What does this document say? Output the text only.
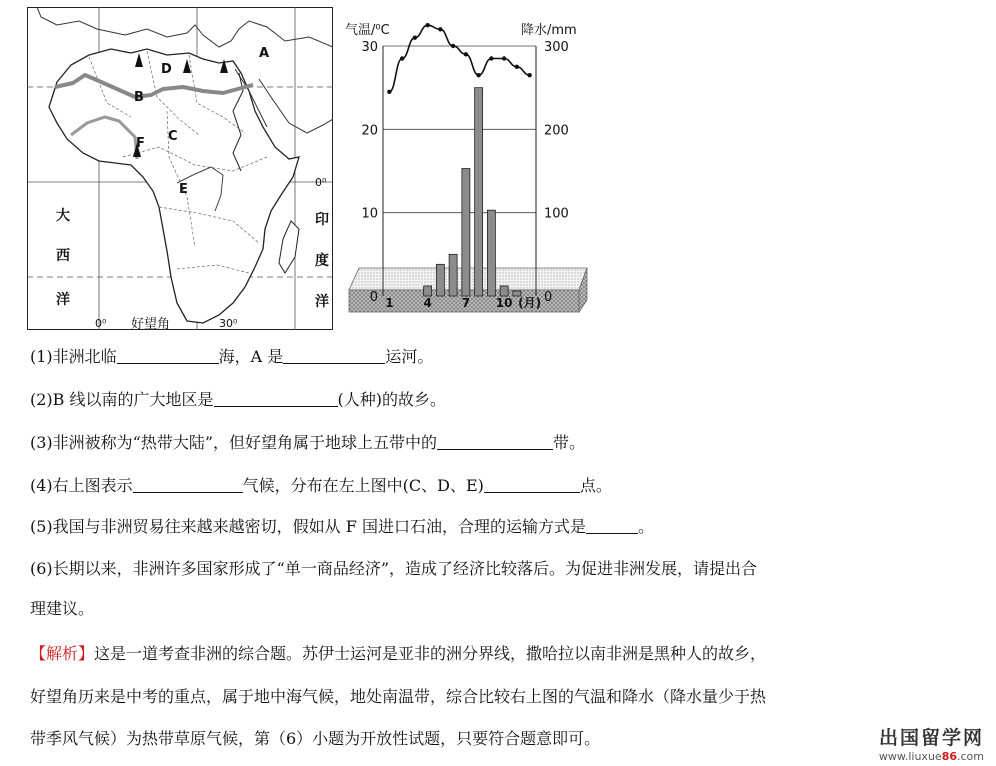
A
B
C
D
E
F
0⁰
大
西
洋
印
度
洋
0⁰	30⁰
好望角
气温/⁰C	降水/mm
0
10
20
30
0
100
200
300
1 4 7 10 (月)
(1)非洲北临	海，A 是	运河。
(2)B 线以南的广大地区是	(人种)的故乡。
(3)非洲被称为“热带大陆”，但好望角属于地球上五带中的	带。
(4)右上图表示	气候，分布在左上图中(C、D、E)	点。
(5)我国与非洲贸易往来越来越密切，假如从 F 国进口石油，合理的运输方式是	。
(6)长期以来，非洲许多国家形成了“单一商品经济”，造成了经济比较落后。为促进非洲发展，请提出合
理建议。
【解析】这是一道考查非洲的综合题。苏伊士运河是亚非的洲分界线，撒哈拉以南非洲是黑种人的故乡，
好望角历来是中考的重点，属于地中海气候，地处南温带，综合比较右上图的气温和降水（降水量少于热
带季风气候）为热带草原气候，第（6）小题为开放性试题，只要符合题意即可。	出国留学网
www.liuxue86.com
